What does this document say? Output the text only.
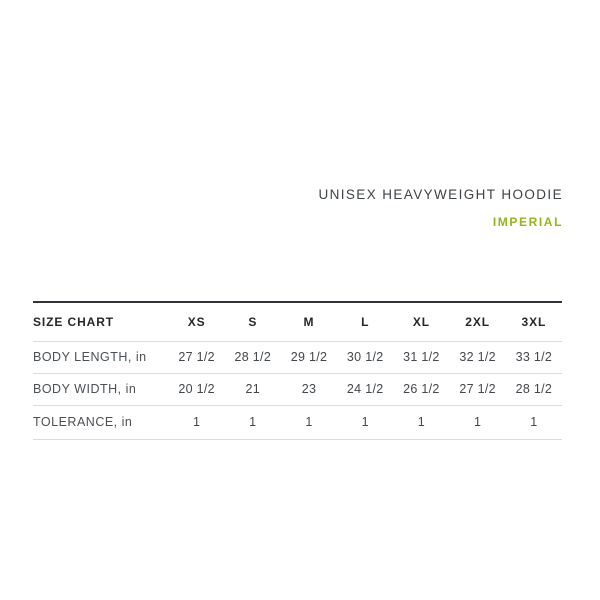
UNISEX HEAVYWEIGHT HOODIE
IMPERIAL
SIZE CHART	XS	S	M	L	XL	2XL	3XL
BODY LENGTH, in	27 1/2	28 1/2	29 1/2	30 1/2	31 1/2	32 1/2	33 1/2
BODY WIDTH, in	20 1/2	21	23	24 1/2	26 1/2	27 1/2	28 1/2
TOLERANCE, in	1	1	1	1	1	1	1
